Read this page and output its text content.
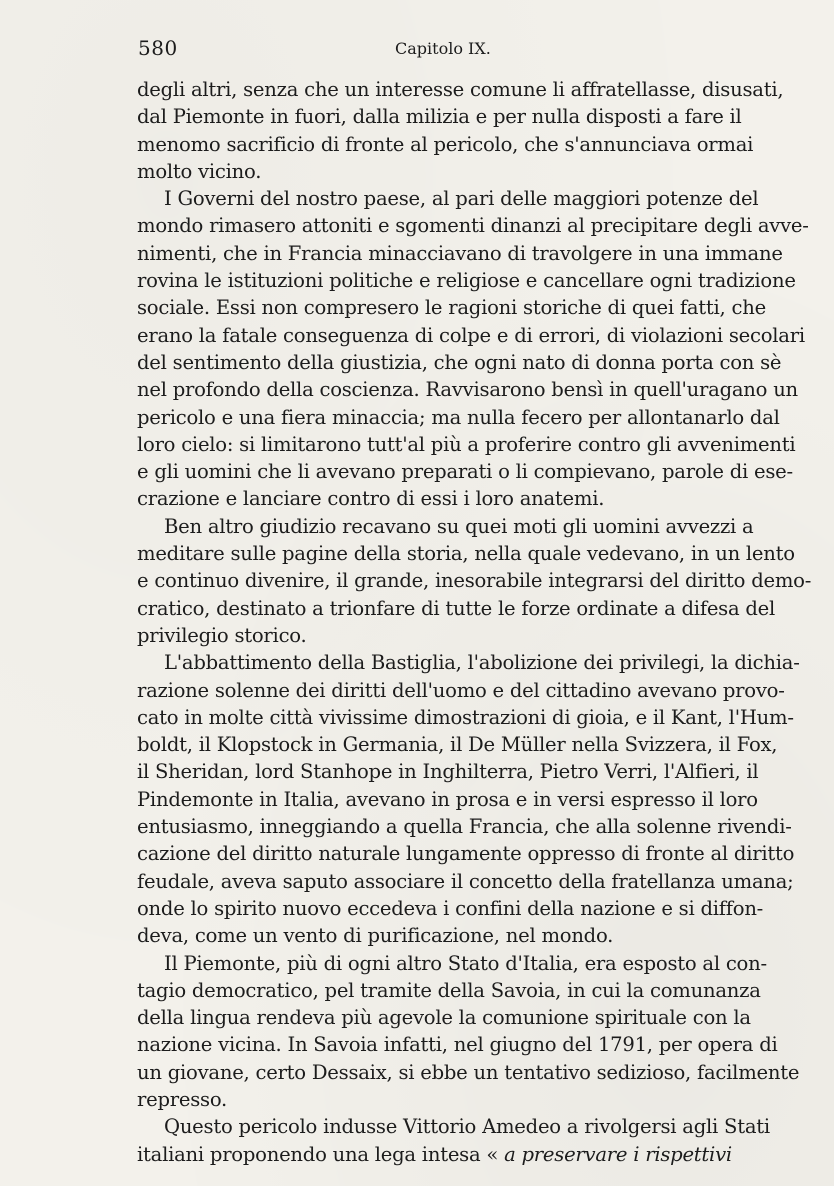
580	Capitolo IX.
degli altri, senza che un interesse comune li affratellasse, disusati,
dal Piemonte in fuori, dalla milizia e per nulla disposti a fare il
menomo sacrificio di fronte al pericolo, che s'annunciava ormai
molto vicino.
I Governi del nostro paese, al pari delle maggiori potenze del
mondo rimasero attoniti e sgomenti dinanzi al precipitare degli avve-
nimenti, che in Francia minacciavano di travolgere in una immane
rovina le istituzioni politiche e religiose e cancellare ogni tradizione
sociale. Essi non compresero le ragioni storiche di quei fatti, che
erano la fatale conseguenza di colpe e di errori, di violazioni secolari
del sentimento della giustizia, che ogni nato di donna porta con sè
nel profondo della coscienza. Ravvisarono bensì in quell'uragano un
pericolo e una fiera minaccia; ma nulla fecero per allontanarlo dal
loro cielo: si limitarono tutt'al più a proferire contro gli avvenimenti
e gli uomini che li avevano preparati o li compievano, parole di ese-
crazione e lanciare contro di essi i loro anatemi.
Ben altro giudizio recavano su quei moti gli uomini avvezzi a
meditare sulle pagine della storia, nella quale vedevano, in un lento
e continuo divenire, il grande, inesorabile integrarsi del diritto demo-
cratico, destinato a trionfare di tutte le forze ordinate a difesa del
privilegio storico.
L'abbattimento della Bastiglia, l'abolizione dei privilegi, la dichia-
razione solenne dei diritti dell'uomo e del cittadino avevano provo-
cato in molte città vivissime dimostrazioni di gioia, e il Kant, l'Hum-
boldt, il Klopstock in Germania, il De Müller nella Svizzera, il Fox,
il Sheridan, lord Stanhope in Inghilterra, Pietro Verri, l'Alfieri, il
Pindemonte in Italia, avevano in prosa e in versi espresso il loro
entusiasmo, inneggiando a quella Francia, che alla solenne rivendi-
cazione del diritto naturale lungamente oppresso di fronte al diritto
feudale, aveva saputo associare il concetto della fratellanza umana;
onde lo spirito nuovo eccedeva i confini della nazione e si diffon-
deva, come un vento di purificazione, nel mondo.
Il Piemonte, più di ogni altro Stato d'Italia, era esposto al con-
tagio democratico, pel tramite della Savoia, in cui la comunanza
della lingua rendeva più agevole la comunione spirituale con la
nazione vicina. In Savoia infatti, nel giugno del 1791, per opera di
un giovane, certo Dessaix, si ebbe un tentativo sedizioso, facilmente
represso.
Questo pericolo indusse Vittorio Amedeo a rivolgersi agli Stati
italiani proponendo una lega intesa « a preservare i rispettivi
